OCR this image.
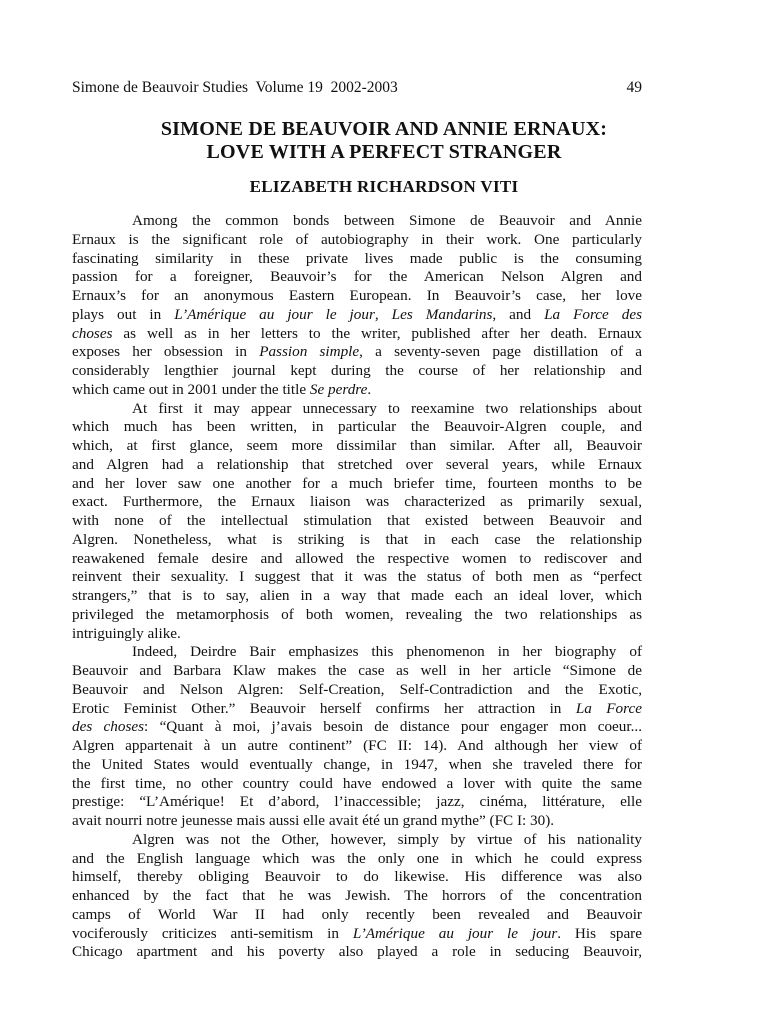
Simone de Beauvoir Studies  Volume 19  2002-2003	49
SIMONE DE BEAUVOIR AND ANNIE ERNAUX:
LOVE WITH A PERFECT STRANGER
ELIZABETH RICHARDSON VITI
Among the common bonds between Simone de Beauvoir and Annie
Ernaux is the significant role of autobiography in their work. One particularly
fascinating similarity in these private lives made public is the consuming
passion for a foreigner, Beauvoir’s for the American Nelson Algren and
Ernaux’s for an anonymous Eastern European. In Beauvoir’s case, her love
plays out in L’Amérique au jour le jour, Les Mandarins, and La Force des
choses as well as in her letters to the writer, published after her death. Ernaux
exposes her obsession in Passion simple, a seventy-seven page distillation of a
considerably lengthier journal kept during the course of her relationship and
which came out in 2001 under the title Se perdre.
At first it may appear unnecessary to reexamine two relationships about
which much has been written, in particular the Beauvoir-Algren couple, and
which, at first glance, seem more dissimilar than similar. After all, Beauvoir
and Algren had a relationship that stretched over several years, while Ernaux
and her lover saw one another for a much briefer time, fourteen months to be
exact. Furthermore, the Ernaux liaison was characterized as primarily sexual,
with none of the intellectual stimulation that existed between Beauvoir and
Algren. Nonetheless, what is striking is that in each case the relationship
reawakened female desire and allowed the respective women to rediscover and
reinvent their sexuality. I suggest that it was the status of both men as “perfect
strangers,” that is to say, alien in a way that made each an ideal lover, which
privileged the metamorphosis of both women, revealing the two relationships as
intriguingly alike.
Indeed, Deirdre Bair emphasizes this phenomenon in her biography of
Beauvoir and Barbara Klaw makes the case as well in her article “Simone de
Beauvoir and Nelson Algren: Self-Creation, Self-Contradiction and the Exotic,
Erotic Feminist Other.” Beauvoir herself confirms her attraction in La Force
des choses: “Quant à moi, j’avais besoin de distance pour engager mon coeur...
Algren appartenait à un autre continent” (FC II: 14). And although her view of
the United States would eventually change, in 1947, when she traveled there for
the first time, no other country could have endowed a lover with quite the same
prestige: “L’Amérique! Et d’abord, l’inaccessible; jazz, cinéma, littérature, elle
avait nourri notre jeunesse mais aussi elle avait été un grand mythe” (FC I: 30).
Algren was not the Other, however, simply by virtue of his nationality
and the English language which was the only one in which he could express
himself, thereby obliging Beauvoir to do likewise. His difference was also
enhanced by the fact that he was Jewish. The horrors of the concentration
camps of World War II had only recently been revealed and Beauvoir
vociferously criticizes anti-semitism in L’Amérique au jour le jour. His spare
Chicago apartment and his poverty also played a role in seducing Beauvoir,
